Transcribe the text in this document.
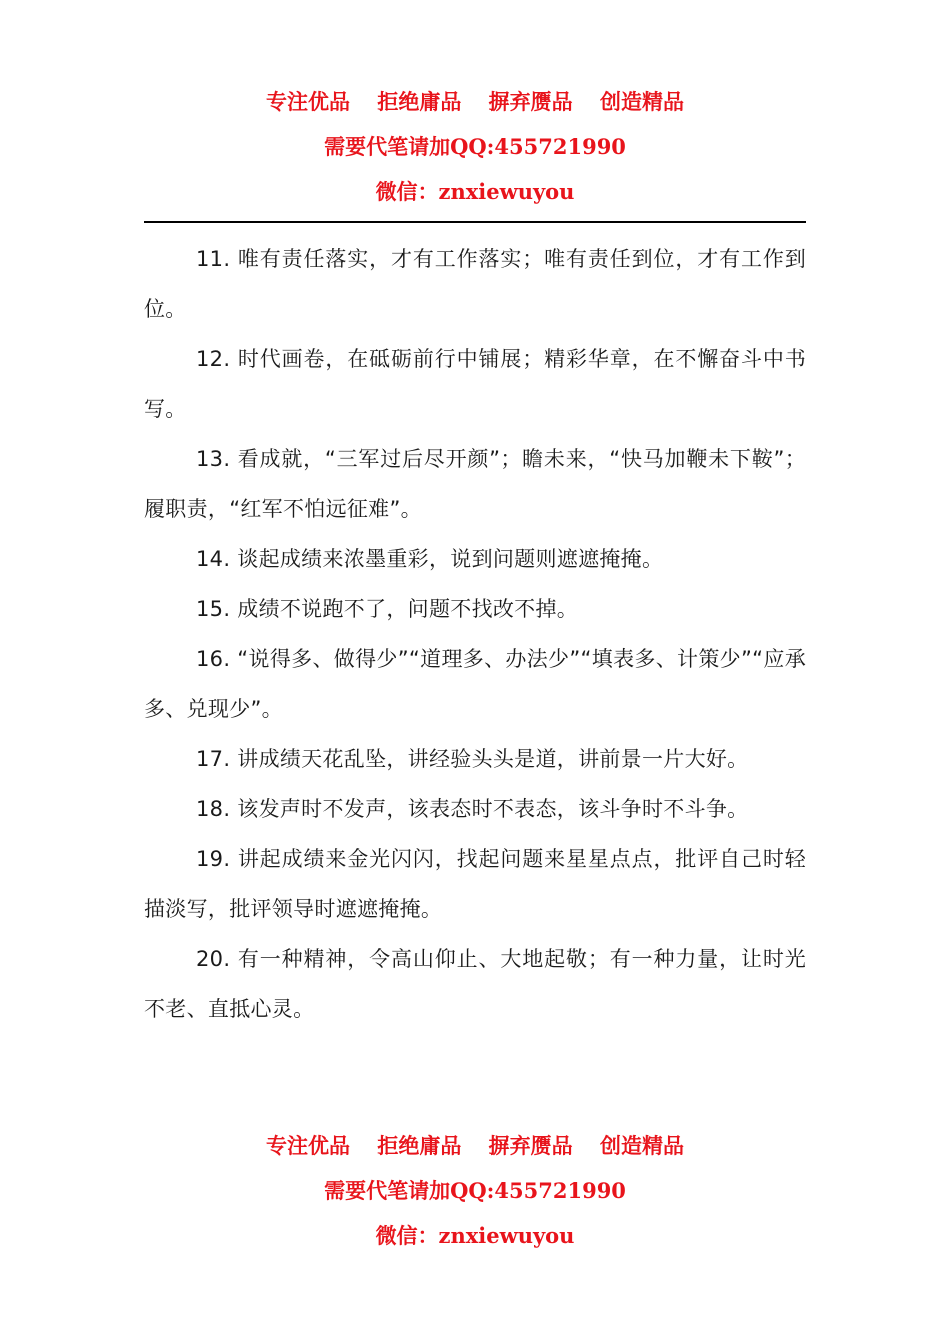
专注优品 拒绝庸品 摒弃赝品 创造精品
需要代笔请加QQ:455721990
微信：znxiewuyou

11. 唯有责任落实，才有工作落实；唯有责任到位，才有工作到位。

12. 时代画卷，在砥砺前行中铺展；精彩华章，在不懈奋斗中书写。

13. 看成就，“三军过后尽开颜”；瞻未来，“快马加鞭未下鞍”；履职责，“红军不怕远征难”。

14. 谈起成绩来浓墨重彩，说到问题则遮遮掩掩。

15. 成绩不说跑不了，问题不找改不掉。

16. “说得多、做得少”“道理多、办法少”“填表多、计策少”“应承多、兑现少”。

17. 讲成绩天花乱坠，讲经验头头是道，讲前景一片大好。

18. 该发声时不发声，该表态时不表态，该斗争时不斗争。

19. 讲起成绩来金光闪闪，找起问题来星星点点，批评自己时轻描淡写，批评领导时遮遮掩掩。

20. 有一种精神，令高山仰止、大地起敬；有一种力量，让时光不老、直抵心灵。

专注优品 拒绝庸品 摒弃赝品 创造精品
需要代笔请加QQ:455721990
微信：znxiewuyou
